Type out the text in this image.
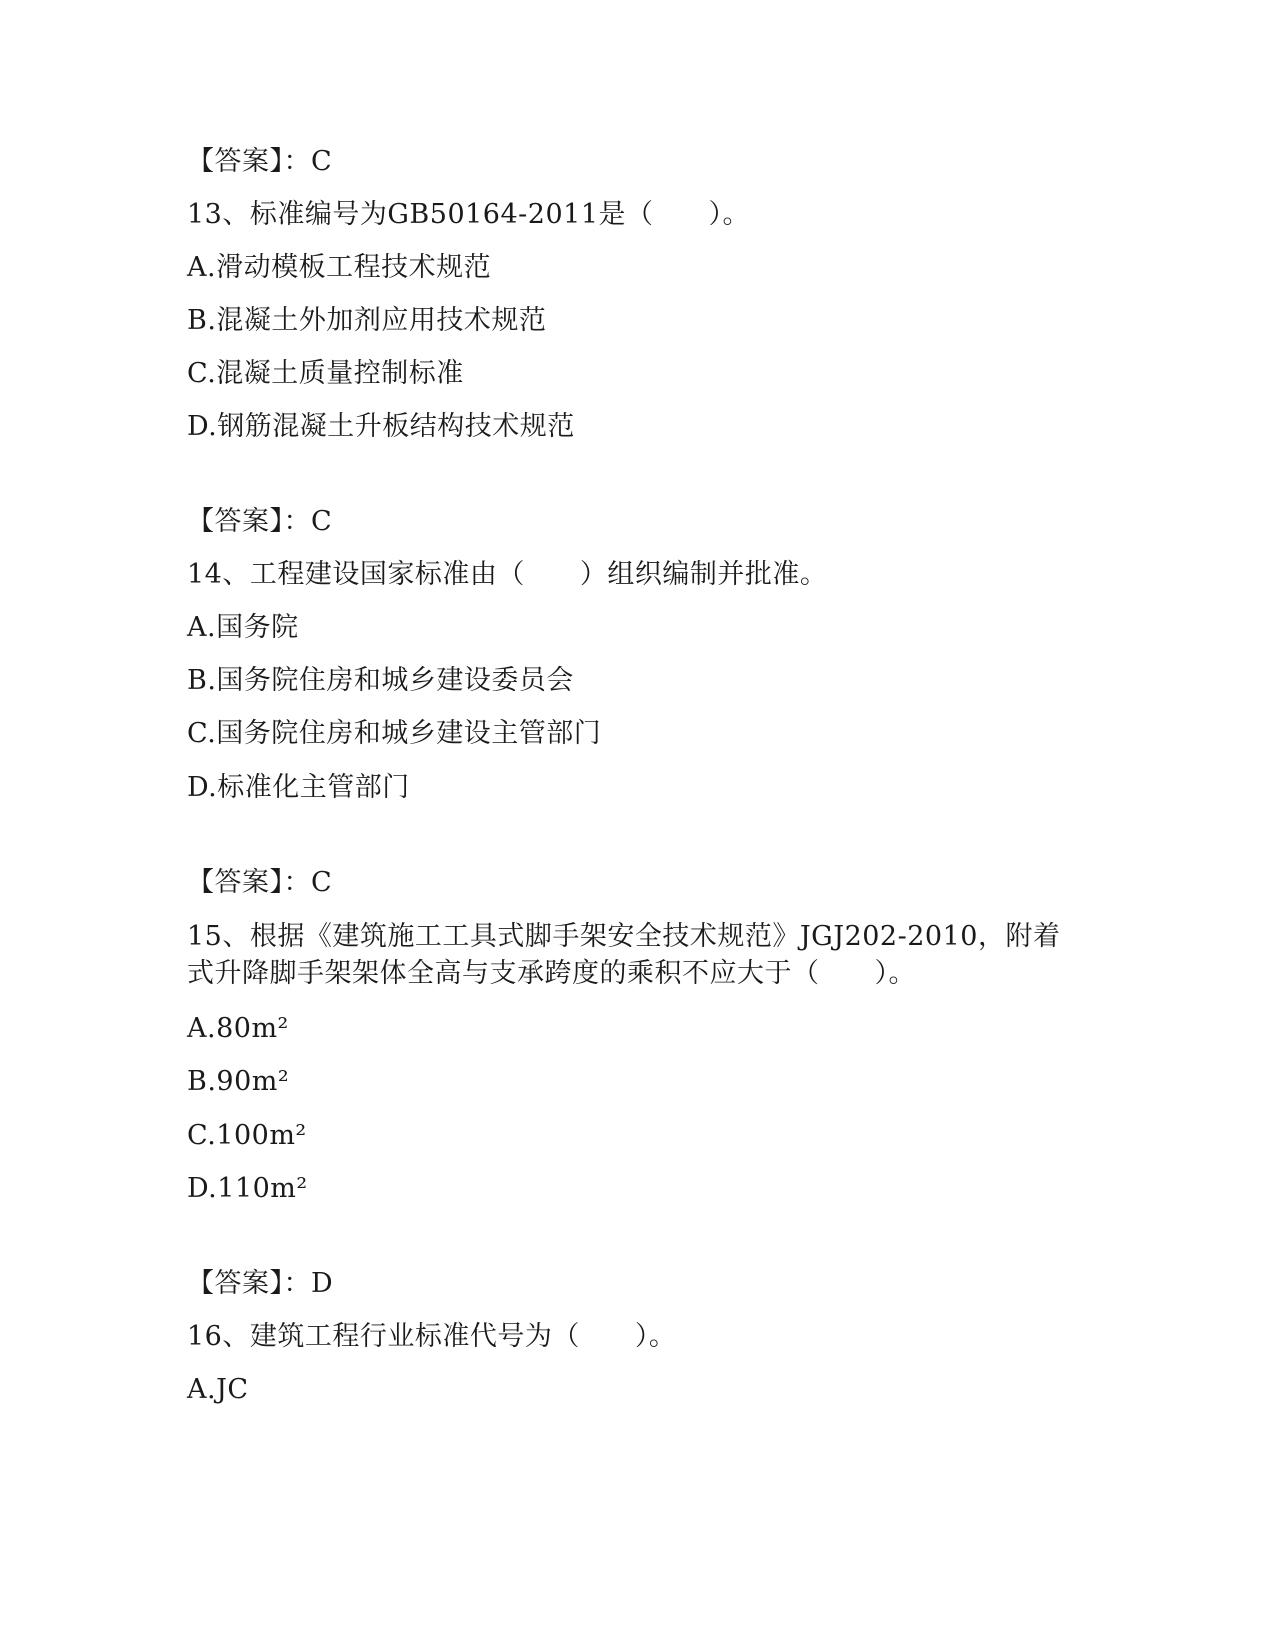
【答案】：C
13、标准编号为GB50164-2011是（　　）。
A.滑动模板工程技术规范
B.混凝土外加剂应用技术规范
C.混凝土质量控制标准
D.钢筋混凝土升板结构技术规范
【答案】：C
14、工程建设国家标准由（　　）组织编制并批准。
A.国务院
B.国务院住房和城乡建设委员会
C.国务院住房和城乡建设主管部门
D.标准化主管部门
【答案】：C
15、根据《建筑施工工具式脚手架安全技术规范》JGJ202-2010，附着式升降脚手架架体全高与支承跨度的乘积不应大于（　　）。
A.80m²
B.90m²
C.100m²
D.110m²
【答案】：D
16、建筑工程行业标准代号为（　　）。
A.JC
